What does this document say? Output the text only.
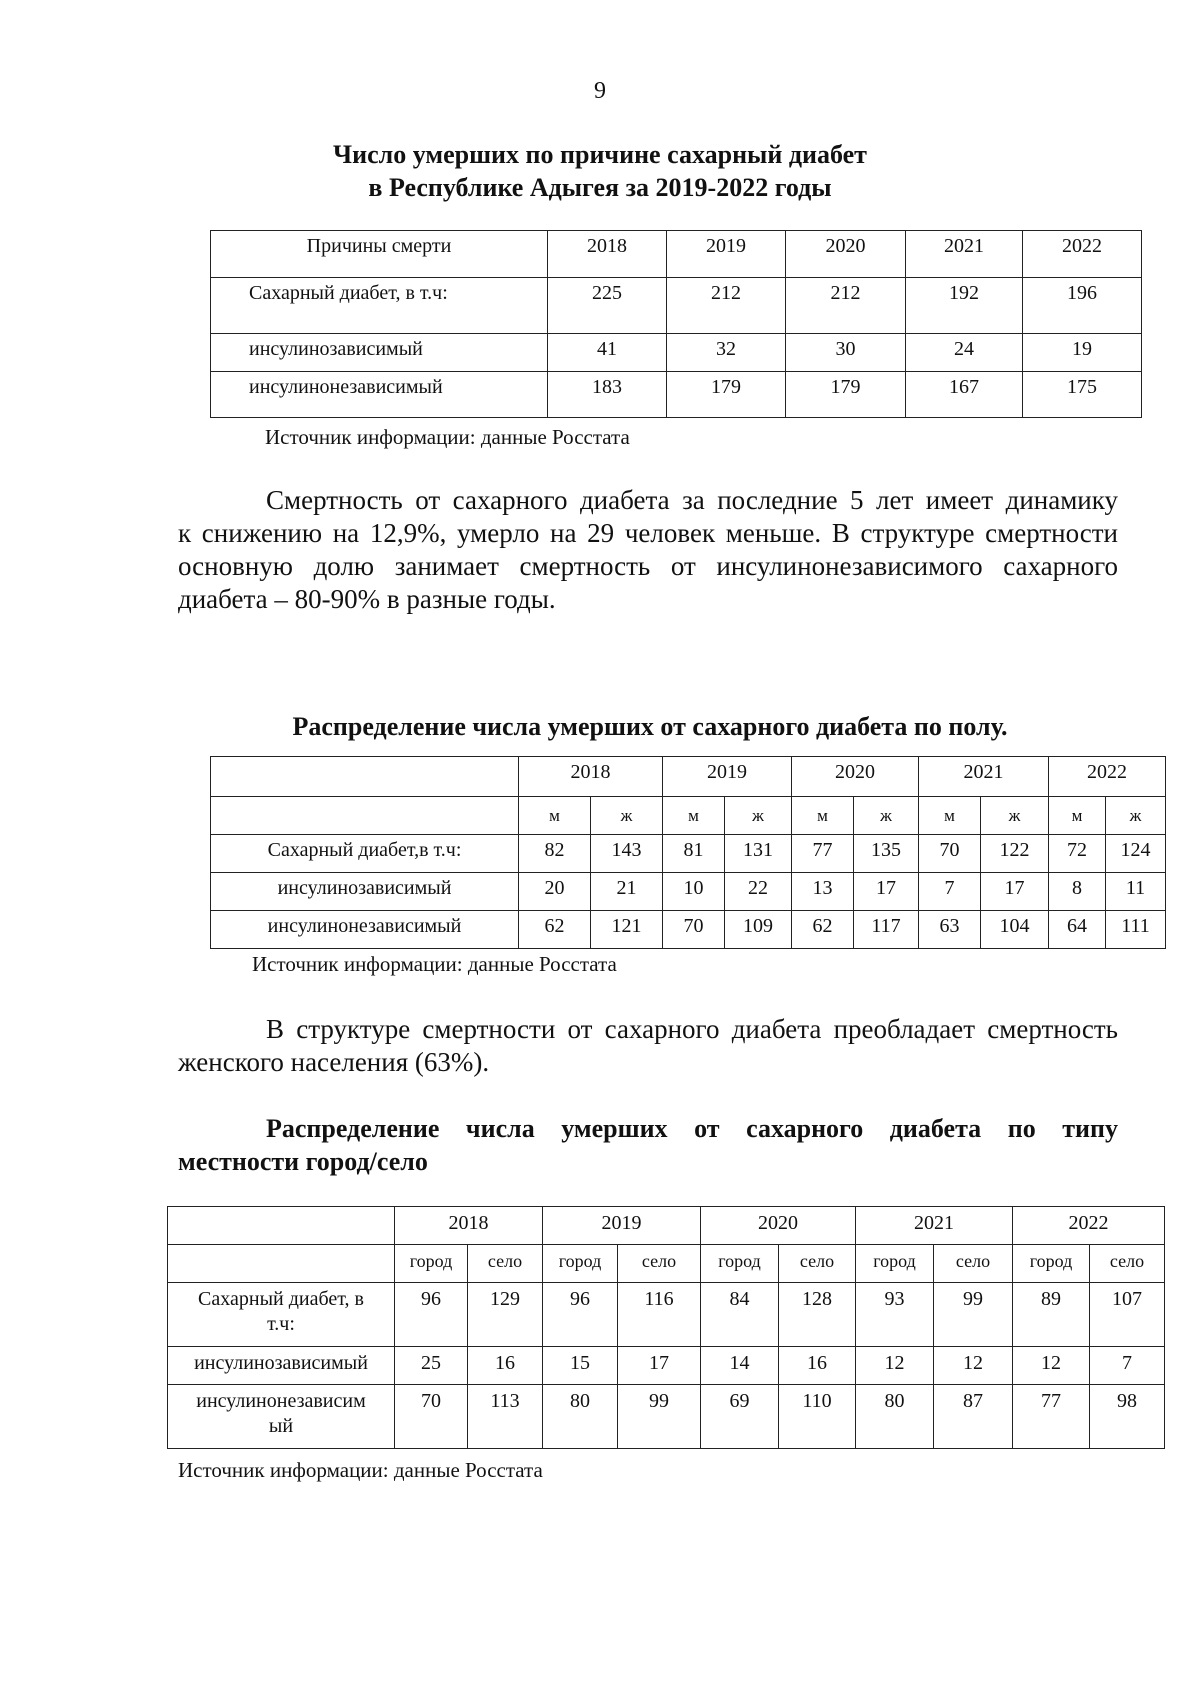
9
Число умерших по причине сахарный диабет
в Республике Адыгея за 2019-2022 годы
Причины смерти	2018	2019	2020	2021	2022
Сахарный диабет, в т.ч:	225	212	212	192	196
инсулинозависимый	41	32	30	24	19
инсулинонезависимый	183	179	179	167	175
Источник информации: данные Росстата
Смертность от сахарного диабета за последние 5 лет имеет динамику
к снижению на 12,9%, умерло на 29 человек меньше. В структуре смертности основную долю занимает смертность от инсулинонезависимого сахарного диабета – 80-90% в разные годы.
Распределение числа умерших от сахарного диабета по полу.
	2018		2019		2020		2021		2022	
	м	ж	м	ж	м	ж	м	ж	м	ж
Сахарный диабет,в т.ч:	82	143	81	131	77	135	70	122	72	124
инсулинозависимый	20	21	10	22	13	17	7	17	8	11
инсулинонезависимый	62	121	70	109	62	117	63	104	64	111
Источник информации: данные Росстата
В структуре смертности от сахарного диабета преобладает смертность
женского населения (63%).
Распределение числа умерших от сахарного диабета по типу
местности город/село
	2018		2019		2020		2021		2022	
	город	село	город	село	город	село	город	село	город	село

Сахарный диабет, в
т.ч:	96	129	96	116	84	128	93	99	89	107

инсулинозависимый	25	16	15	17	14	16	12	12	12	7

инсулинонезависим
ый	70	113	80	99	69	110	80	87	77	98
Источник информации: данные Росстата
